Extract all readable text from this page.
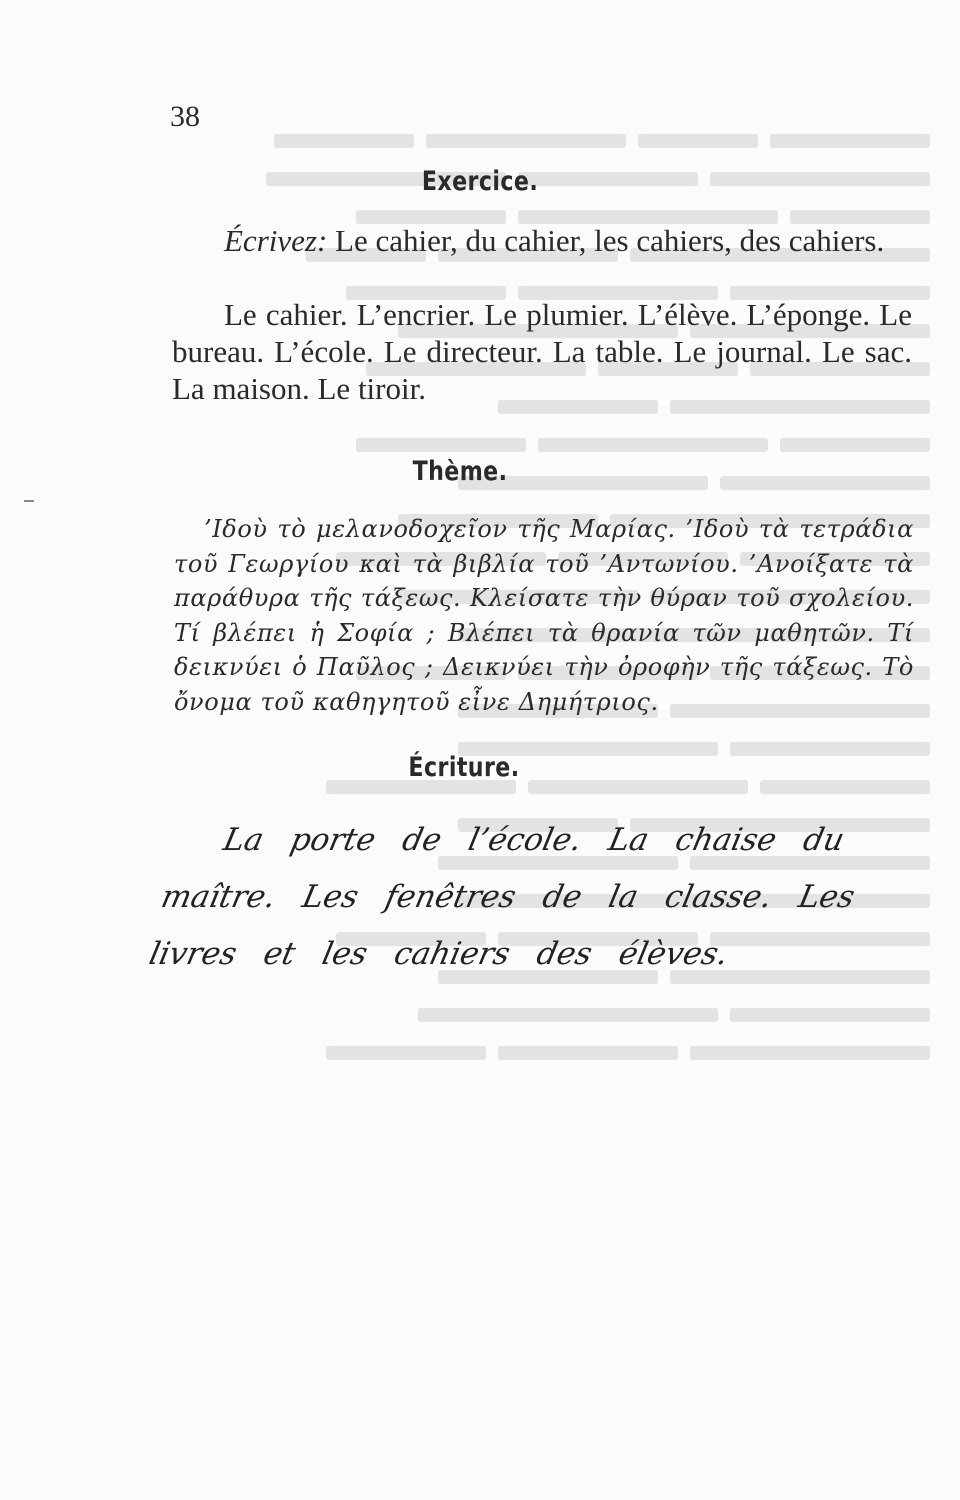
38
Exercice.
Écrivez: Le cahier, du cahier, les cahiers, des cahiers.
Le cahier. L’encrier. Le plumier. L’élève. L’éponge. Le bureau. L’école. Le directeur. La table. Le journal. Le sac. La maison. Le tiroir.
Thème.
’Ιδοὺ τὸ μελανοδοχεῖον τῆς Μαρίας. ’Ιδοὺ τὰ τετράδια τοῦ Γεωργίου καὶ τὰ βιβλία τοῦ ’Αντωνίου. ’Ανοίξατε τὰ παράθυρα τῆς τάξεως. Κλείσατε τὴν θύραν τοῦ σχολείου. Τί βλέπει ἡ Σοφία ; Βλέπει τὰ θρανία τῶν μαθητῶν. Τί δεικνύει ὁ Παῦλος ; Δεικνύει τὴν ὀροφὴν τῆς τάξεως. Τὸ ὄνομα τοῦ καθηγητοῦ εἶνε Δημήτριος.
Écriture.
La porte de l’école. La chaise du maître. Les fenêtres de la classe. Les livres et les cahiers des élèves.
